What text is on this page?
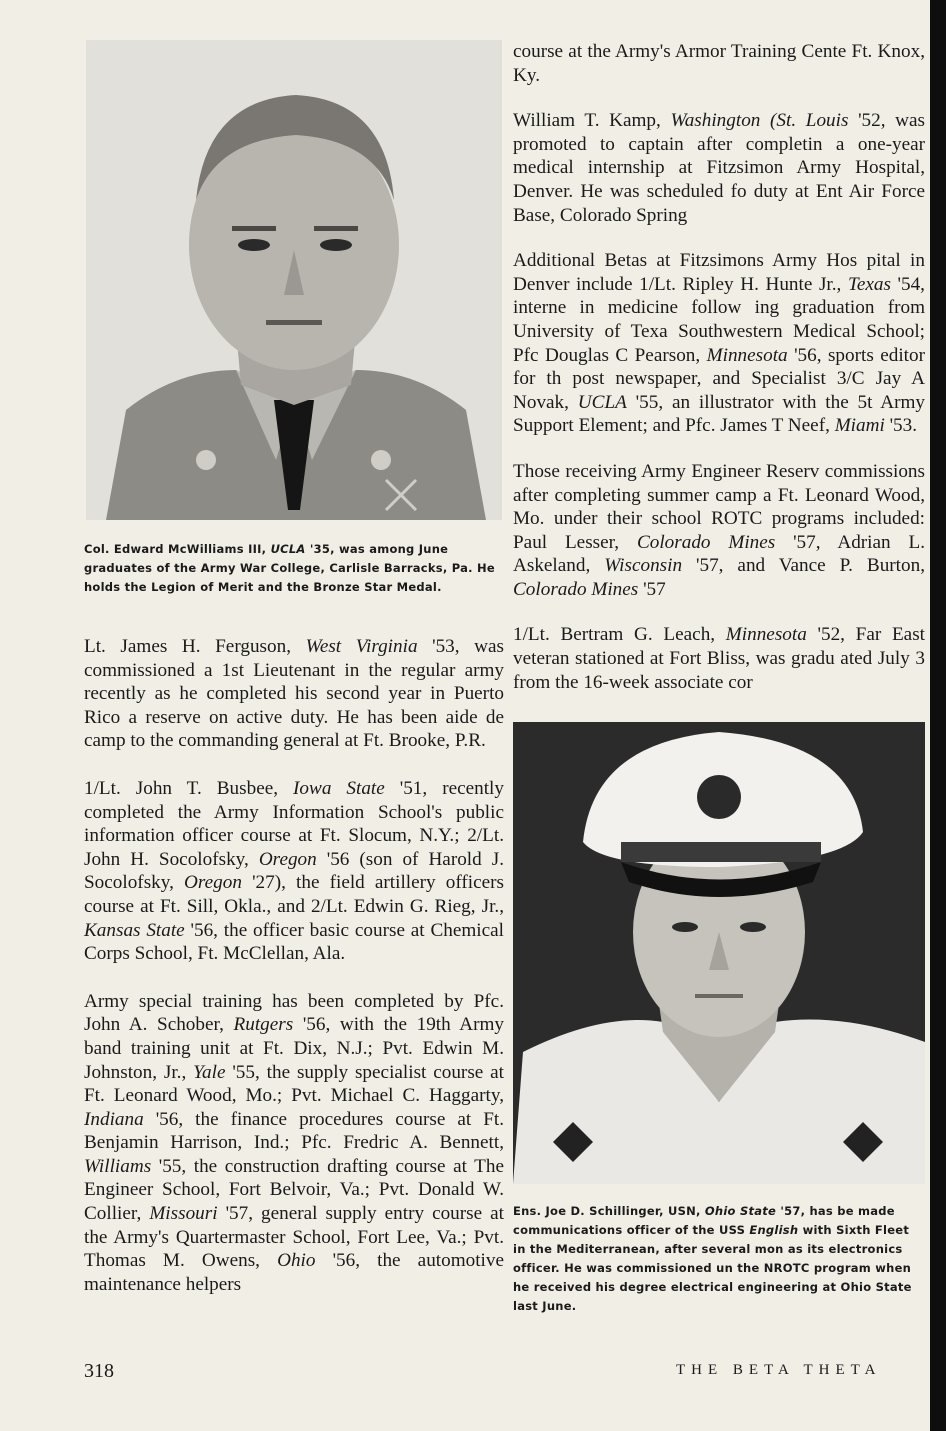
Col. Edward McWilliams III, UCLA '35, was among June graduates of the Army War College, Carlisle Barracks, Pa. He holds the Legion of Merit and the Bronze Star Medal.

Lt. James H. Ferguson, West Virginia '53, was commissioned a 1st Lieutenant in the regular army recently as he completed his second year in Puerto Rico a reserve on active duty. He has been aide de camp to the commanding general at Ft. Brooke, P.R.

1/Lt. John T. Busbee, Iowa State '51, recently completed the Army Information School's public information officer course at Ft. Slocum, N.Y.; 2/Lt. John H. Socolofsky, Oregon '56 (son of Harold J. Socolofsky, Oregon '27), the field artillery officers course at Ft. Sill, Okla., and 2/Lt. Edwin G. Rieg, Jr., Kansas State '56, the officer basic course at Chemical Corps School, Ft. McClellan, Ala.

Army special training has been completed by Pfc. John A. Schober, Rutgers '56, with the 19th Army band training unit at Ft. Dix, N.J.; Pvt. Edwin M. Johnston, Jr., Yale '55, the supply specialist course at Ft. Leonard Wood, Mo.; Pvt. Michael C. Haggarty, Indiana '56, the finance procedures course at Ft. Benjamin Harrison, Ind.; Pfc. Fredric A. Bennett, Williams '55, the construction drafting course at The Engineer School, Fort Belvoir, Va.; Pvt. Donald W. Collier, Missouri '57, general supply entry course at the Army's Quartermaster School, Fort Lee, Va.; Pvt. Thomas M. Owens, Ohio '56, the automotive maintenance helpers

course at the Army's Armor Training Cente Ft. Knox, Ky.

William T. Kamp, Washington (St. Louis '52, was promoted to captain after completin a one-year medical internship at Fitzsimon Army Hospital, Denver. He was scheduled fo duty at Ent Air Force Base, Colorado Spring

Additional Betas at Fitzsimons Army Hos pital in Denver include 1/Lt. Ripley H. Hunte Jr., Texas '54, interne in medicine follow ing graduation from University of Texa Southwestern Medical School; Pfc Douglas C Pearson, Minnesota '56, sports editor for th post newspaper, and Specialist 3/C Jay A Novak, UCLA '55, an illustrator with the 5t Army Support Element; and Pfc. James T Neef, Miami '53.

Those receiving Army Engineer Reserv commissions after completing summer camp a Ft. Leonard Wood, Mo. under their school ROTC programs included: Paul Lesser, Colorado Mines '57, Adrian L. Askeland, Wisconsin '57, and Vance P. Burton, Colorado Mines '57

1/Lt. Bertram G. Leach, Minnesota '52, Far East veteran stationed at Fort Bliss, was gradu ated July 3 from the 16-week associate cor

Ens. Joe D. Schillinger, USN, Ohio State '57, has be made communications officer of the USS English with Sixth Fleet in the Mediterranean, after several mon as its electronics officer. He was commissioned un the NROTC program when he received his degree electrical engineering at Ohio State last June.

318	THE BETA THETA
